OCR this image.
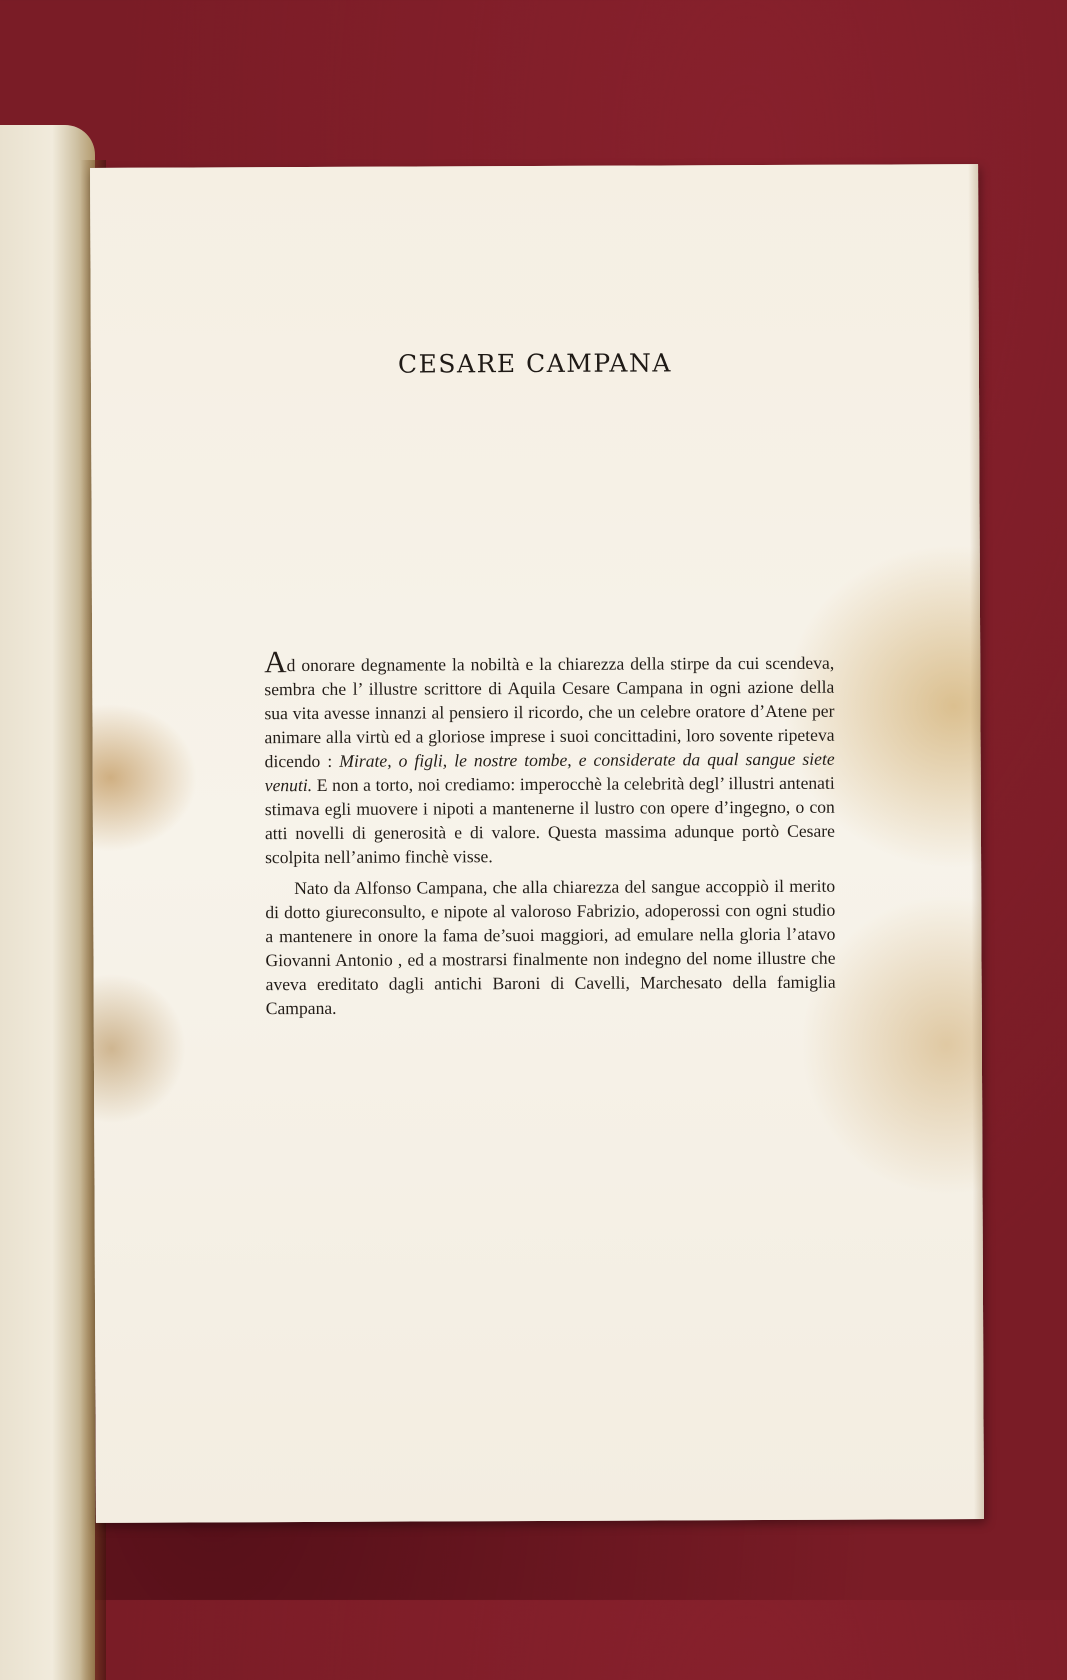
CESARE CAMPANA

Ad onorare degnamente la nobiltà e la chiarezza della stirpe da cui scendeva, sembra che l’ illustre scrittore di Aquila Cesare Campana in ogni azione della sua vita avesse innanzi al pensiero il ricordo, che un celebre oratore d’Atene per animare alla virtù ed a gloriose imprese i suoi concittadini, loro sovente ripeteva dicendo : Mirate, o figli, le nostre tombe, e considerate da qual sangue siete venuti. E non a torto, noi crediamo: imperocchè la celebrità degl’ illustri antenati stimava egli muovere i nipoti a mantenerne il lustro con opere d’ingegno, o con atti novelli di generosità e di valore. Questa massima adunque portò Cesare scolpita nell’animo finchè visse.

Nato da Alfonso Campana, che alla chiarezza del sangue accoppiò il merito di dotto giureconsulto, e nipote al valoroso Fabrizio, adoperossi con ogni studio a mantenere in onore la fama de’suoi maggiori, ad emulare nella gloria l’atavo Giovanni Antonio , ed a mostrarsi finalmente non indegno del nome illustre che aveva ereditato dagli antichi Baroni di Cavelli, Marchesato della famiglia Campana.
